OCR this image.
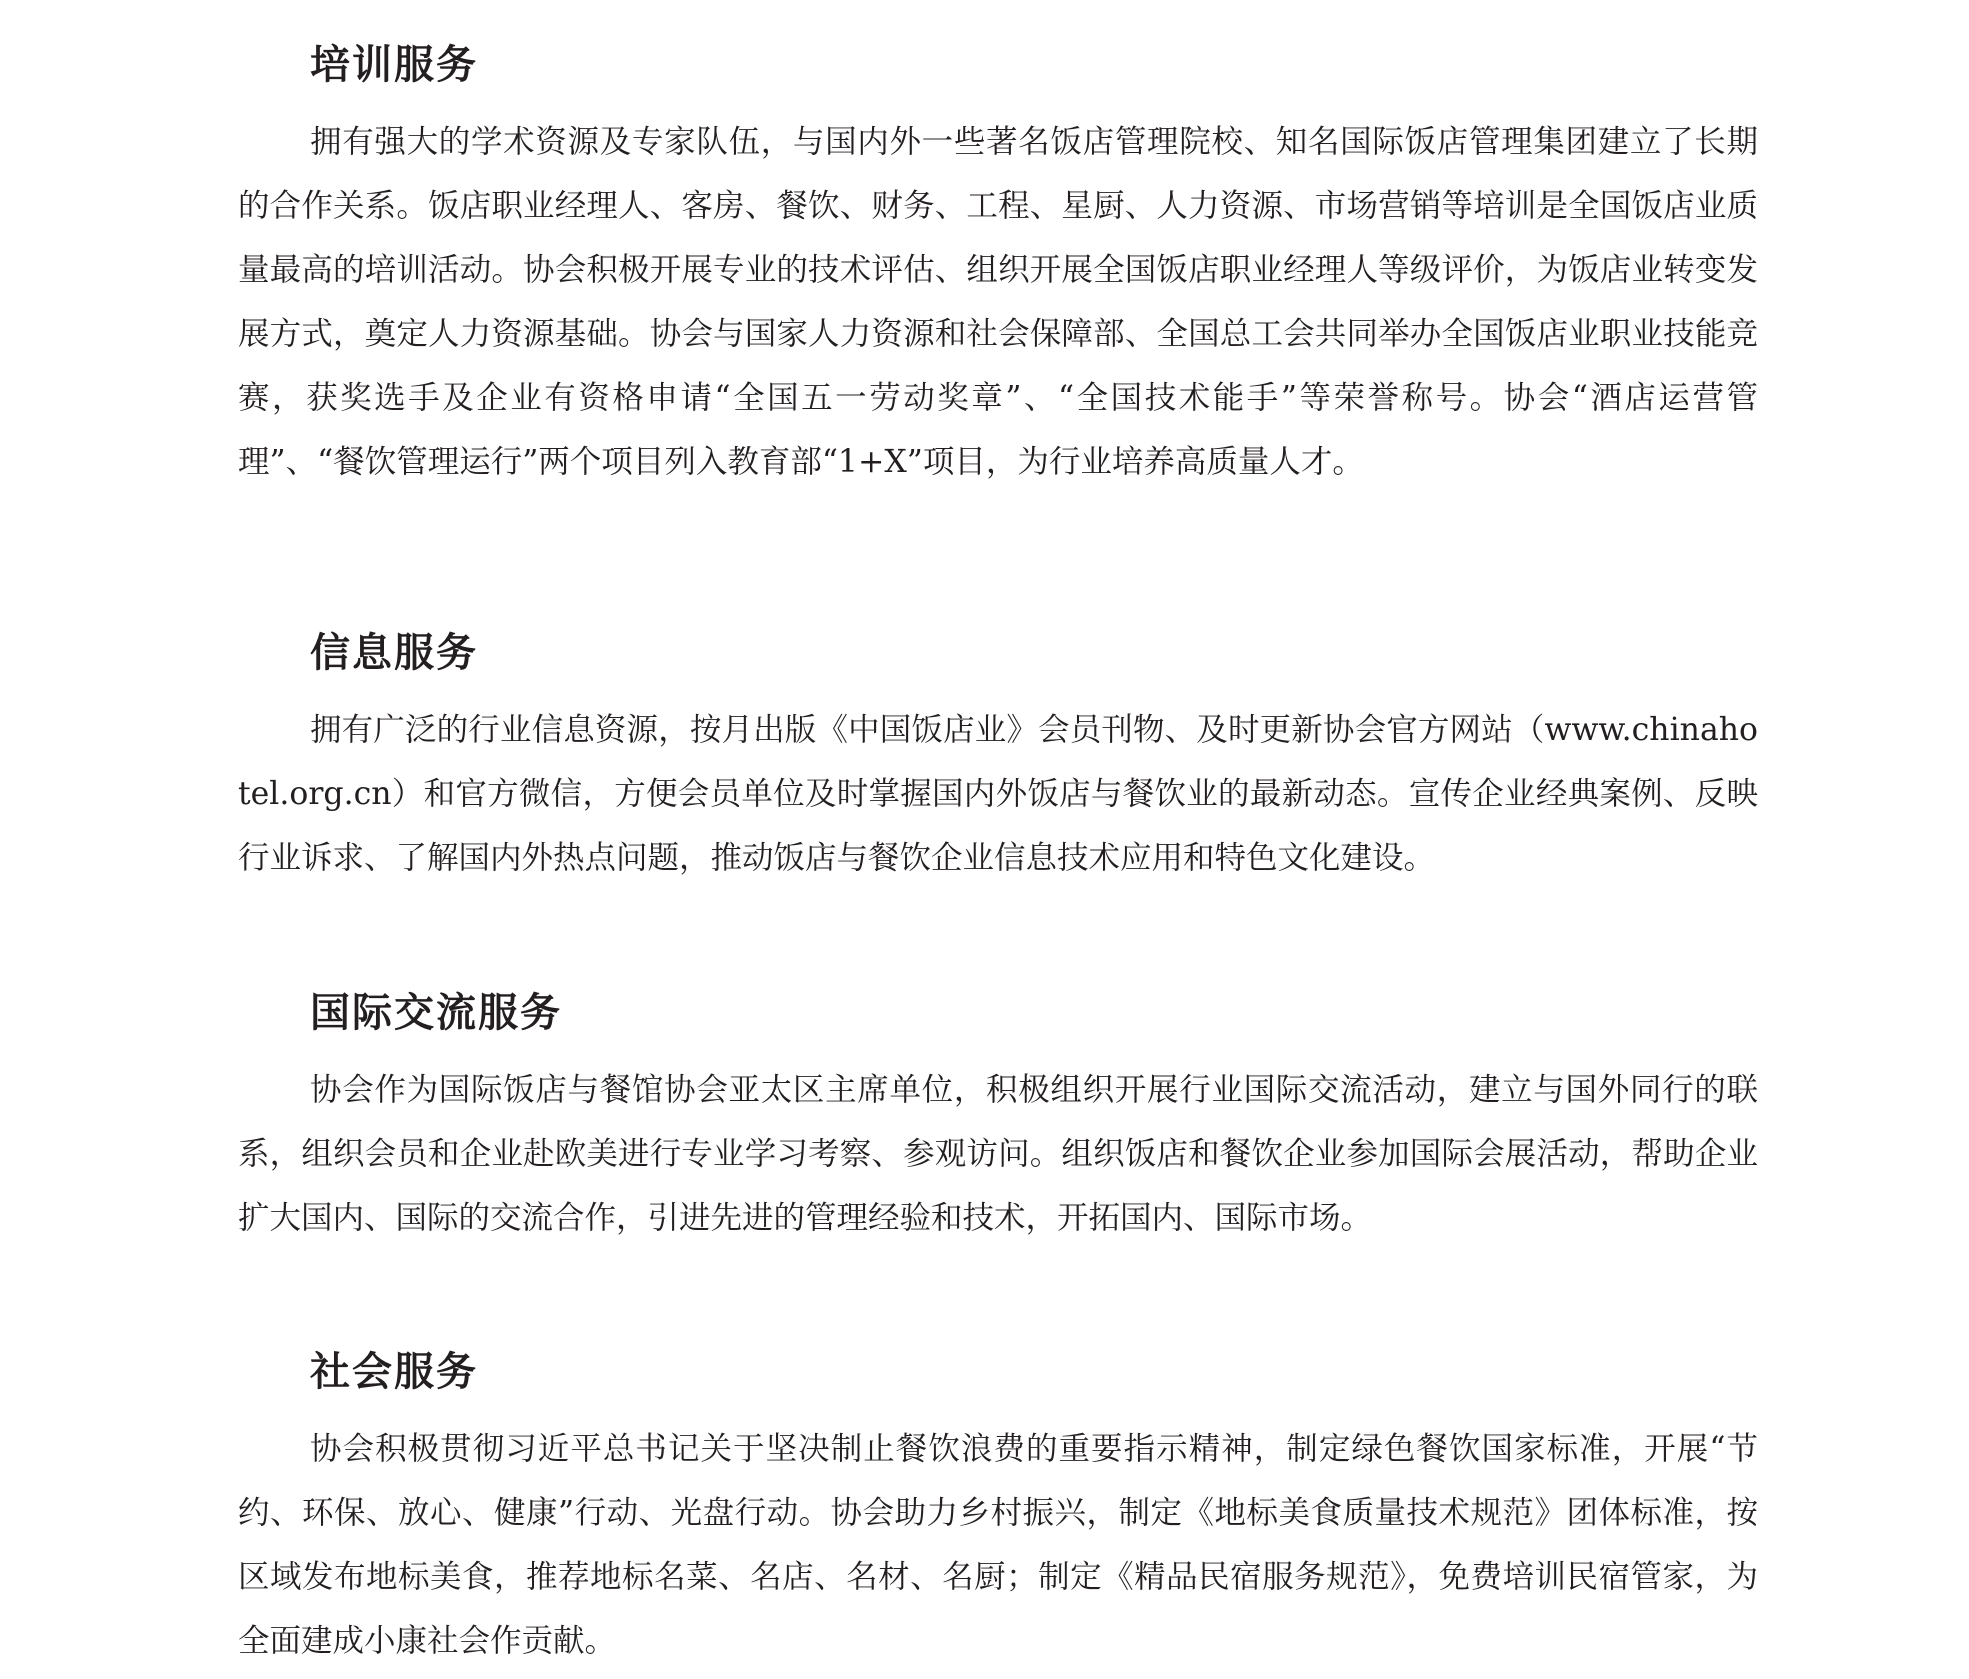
培训服务

拥有强大的学术资源及专家队伍，与国内外一些著名饭店管理院校、知名国际饭店管理集团建立了长期的合作关系。饭店职业经理人、客房、餐饮、财务、工程、星厨、人力资源、市场营销等培训是全国饭店业质量最高的培训活动。协会积极开展专业的技术评估、组织开展全国饭店职业经理人等级评价，为饭店业转变发展方式，奠定人力资源基础。协会与国家人力资源和社会保障部、全国总工会共同举办全国饭店业职业技能竞赛，获奖选手及企业有资格申请“全国五一劳动奖章”、“全国技术能手”等荣誉称号。协会“酒店运营管理”、“餐饮管理运行”两个项目列入教育部“1+X”项目，为行业培养高质量人才。

信息服务

拥有广泛的行业信息资源，按月出版《中国饭店业》会员刊物、及时更新协会官方网站（www.chinahotel.org.cn）和官方微信，方便会员单位及时掌握国内外饭店与餐饮业的最新动态。宣传企业经典案例、反映行业诉求、了解国内外热点问题，推动饭店与餐饮企业信息技术应用和特色文化建设。

国际交流服务

协会作为国际饭店与餐馆协会亚太区主席单位，积极组织开展行业国际交流活动，建立与国外同行的联系，组织会员和企业赴欧美进行专业学习考察、参观访问。组织饭店和餐饮企业参加国际会展活动，帮助企业扩大国内、国际的交流合作，引进先进的管理经验和技术，开拓国内、国际市场。

社会服务

协会积极贯彻习近平总书记关于坚决制止餐饮浪费的重要指示精神，制定绿色餐饮国家标准，开展“节约、环保、放心、健康”行动、光盘行动。协会助力乡村振兴，制定《地标美食质量技术规范》团体标准，按区域发布地标美食，推荐地标名菜、名店、名材、名厨；制定《精品民宿服务规范》，免费培训民宿管家，为全面建成小康社会作贡献。
